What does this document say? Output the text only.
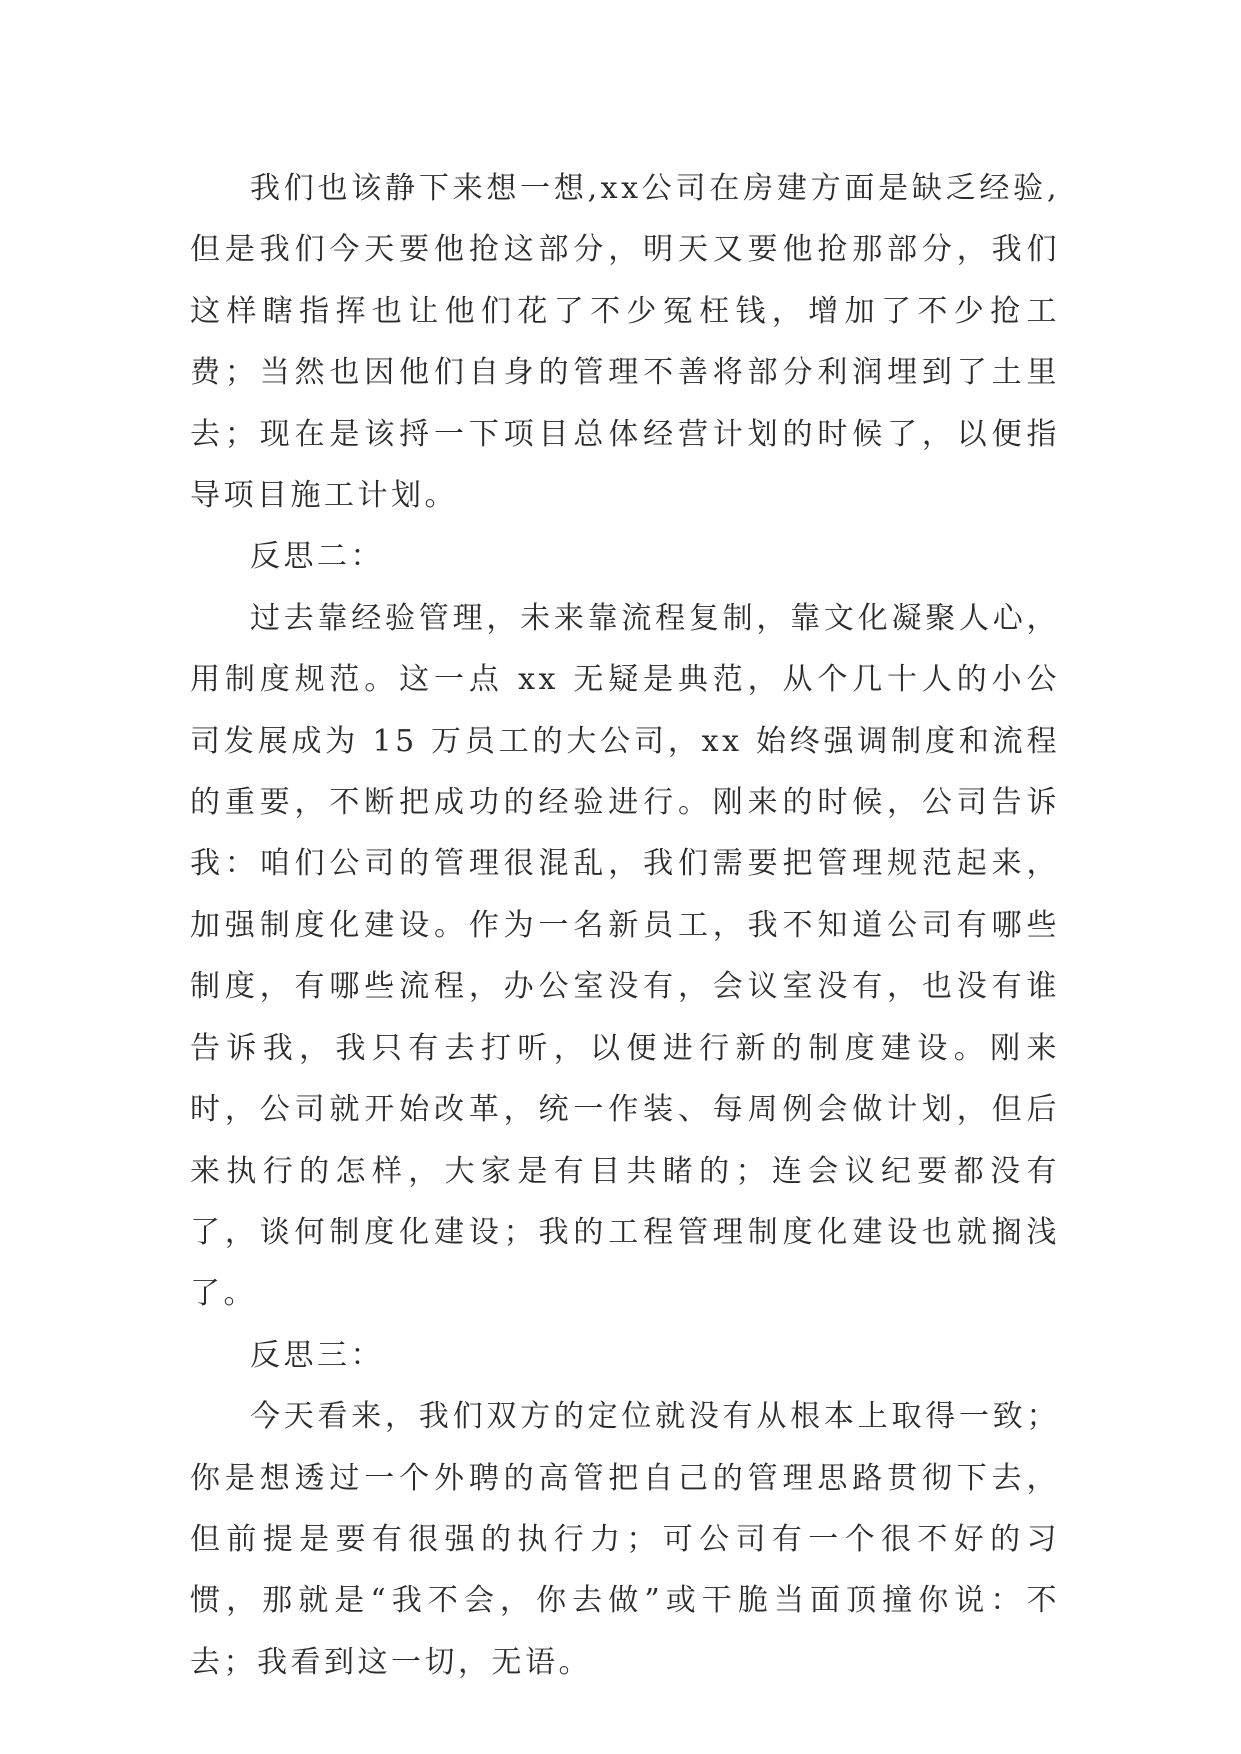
我们也该静下来想一想,xx公司在房建方面是缺乏经验,但是我们今天要他抢这部分，明天又要他抢那部分，我们这样瞎指挥也让他们花了不少冤枉钱，增加了不少抢工费；当然也因他们自身的管理不善将部分利润埋到了土里去；现在是该捋一下项目总体经营计划的时候了，以便指导项目施工计划。

反思二：

过去靠经验管理，未来靠流程复制，靠文化凝聚人心，用制度规范。这一点 xx 无疑是典范，从个几十人的小公司发展成为 15 万员工的大公司，xx 始终强调制度和流程的重要，不断把成功的经验进行。刚来的时候，公司告诉我：咱们公司的管理很混乱，我们需要把管理规范起来，加强制度化建设。作为一名新员工，我不知道公司有哪些制度，有哪些流程，办公室没有，会议室没有，也没有谁告诉我，我只有去打听，以便进行新的制度建设。刚来时，公司就开始改革，统一作装、每周例会做计划，但后来执行的怎样，大家是有目共睹的；连会议纪要都没有了，谈何制度化建设；我的工程管理制度化建设也就搁浅了。

反思三：

今天看来，我们双方的定位就没有从根本上取得一致；你是想透过一个外聘的高管把自己的管理思路贯彻下去，但前提是要有很强的执行力；可公司有一个很不好的习惯，那就是“我不会，你去做”或干脆当面顶撞你说：不去；我看到这一切，无语。
